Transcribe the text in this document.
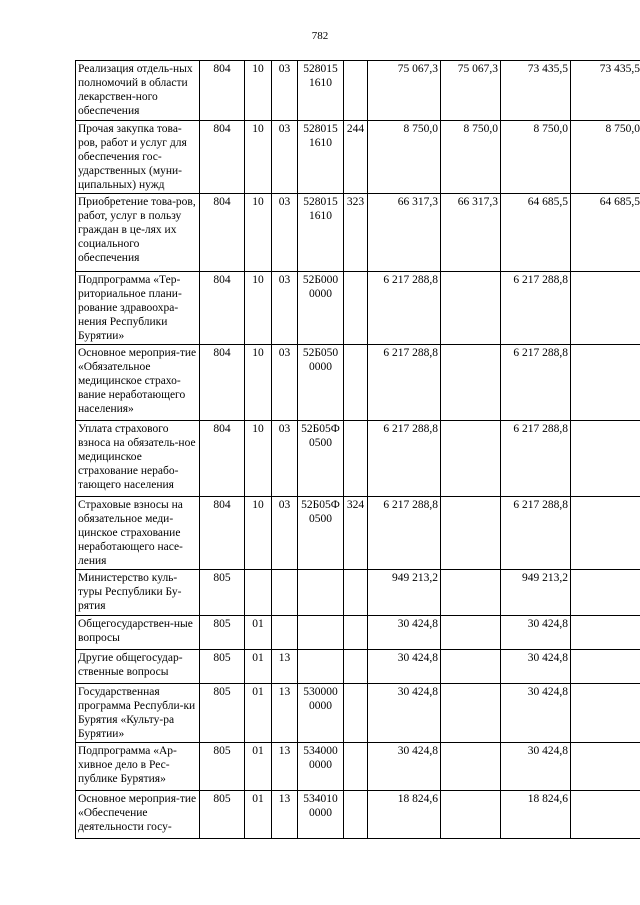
782
Реализация отдель-ных полномочий в области лекарствен-ного обеспечения	804	10	03	528015 1610		75 067,3	75 067,3	73 435,5	73 435,5
Прочая закупка това-ров, работ и услуг для обеспечения гос-ударственных (муни-ципальных) нужд	804	10	03	528015 1610	244	8 750,0	8 750,0	8 750,0	8 750,0
Приобретение това-ров, работ, услуг в пользу граждан в це-лях их социального обеспечения	804	10	03	528015 1610	323	66 317,3	66 317,3	64 685,5	64 685,5
Подпрограмма «Тер-риториальное плани-рование здравоохра-нения Республики Бурятии»	804	10	03	52Б000 0000		6 217 288,8		6 217 288,8	
Основное мероприя-тие «Обязательное медицинское страхо-вание неработающего населения»	804	10	03	52Б050 0000		6 217 288,8		6 217 288,8	
Уплата страхового взноса на обязатель-ное медицинское страхование нерабо-тающего населения	804	10	03	52Б05Ф 0500		6 217 288,8		6 217 288,8	
Страховые взносы на обязательное меди-цинское страхование неработающего насе-ления	804	10	03	52Б05Ф 0500	324	6 217 288,8		6 217 288,8	
Министерство куль-туры Республики Бу-рятия	805					949 213,2		949 213,2	
Общегосударствен-ные вопросы	805	01				30 424,8		30 424,8	
Другие общегосудар-ственные вопросы	805	01	13			30 424,8		30 424,8	
Государственная программа Республи-ки Бурятия «Культу-ра Бурятии»	805	01	13	530000 0000		30 424,8		30 424,8	
Подпрограмма «Ар-хивное дело в Рес-публике Бурятия»	805	01	13	534000 0000		30 424,8		30 424,8	
Основное мероприя-тие «Обеспечение деятельности госу-	805	01	13	534010 0000		18 824,6		18 824,6	
